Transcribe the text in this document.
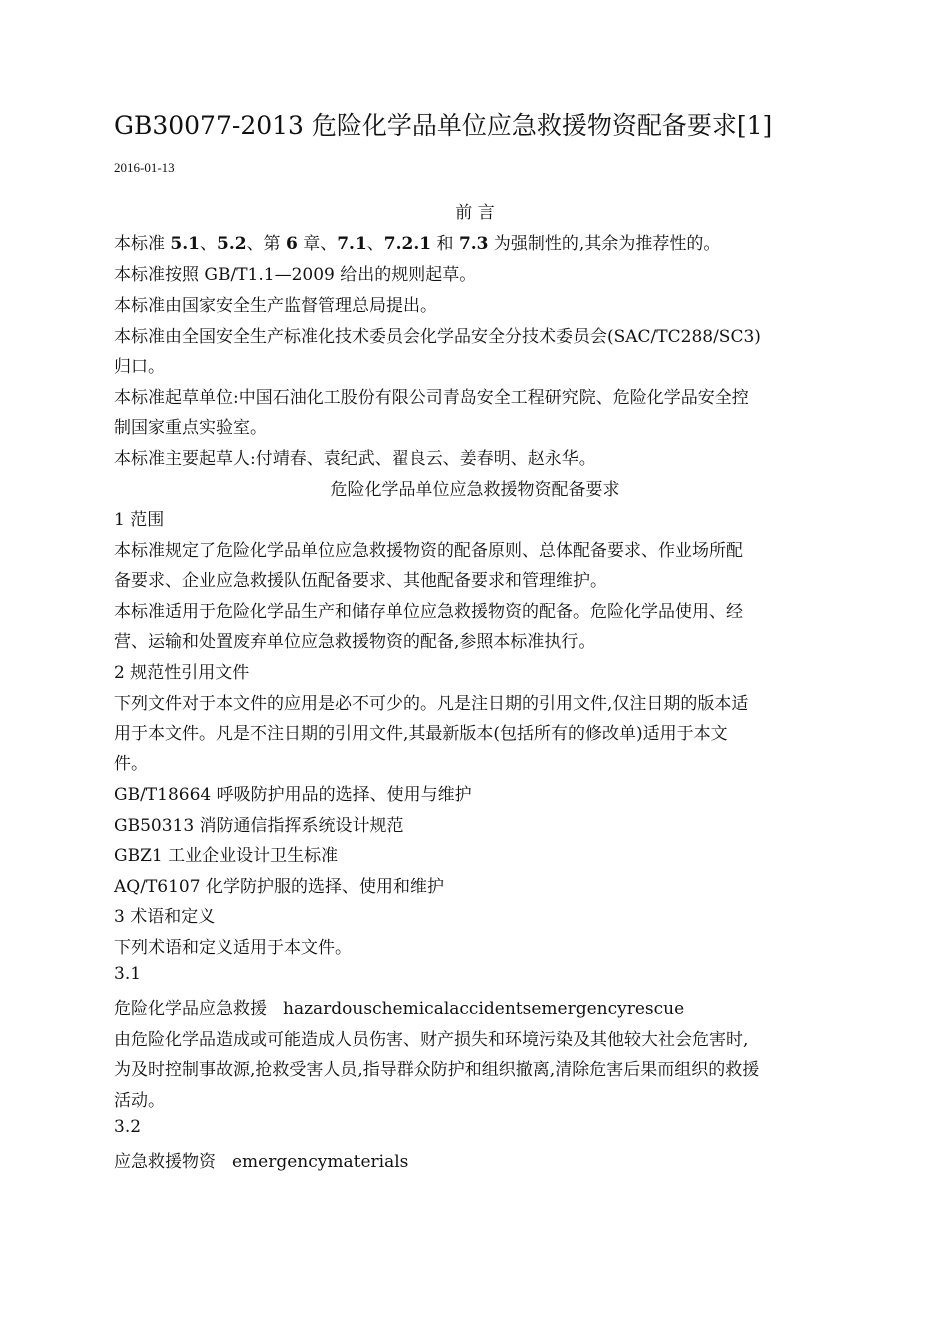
GB30077-2013 危险化学品单位应急救援物资配备要求[1]
2016-01-13
前 言
本标准 5.1、5.2、第 6 章、7.1、7.2.1 和 7.3 为强制性的,其余为推荐性的。
本标准按照 GB/T1.1—2009 给出的规则起草。
本标准由国家安全生产监督管理总局提出。
本标准由全国安全生产标准化技术委员会化学品安全分技术委员会(SAC/TC288/SC3)
归口。
本标准起草单位:中国石油化工股份有限公司青岛安全工程研究院、危险化学品安全控
制国家重点实验室。
本标准主要起草人:付靖春、袁纪武、翟良云、姜春明、赵永华。
危险化学品单位应急救援物资配备要求
1 范围
本标准规定了危险化学品单位应急救援物资的配备原则、总体配备要求、作业场所配
备要求、企业应急救援队伍配备要求、其他配备要求和管理维护。
本标准适用于危险化学品生产和储存单位应急救援物资的配备。危险化学品使用、经
营、运输和处置废弃单位应急救援物资的配备,参照本标准执行。
2 规范性引用文件
下列文件对于本文件的应用是必不可少的。凡是注日期的引用文件,仅注日期的版本适
用于本文件。凡是不注日期的引用文件,其最新版本(包括所有的修改单)适用于本文
件。
GB/T18664 呼吸防护用品的选择、使用与维护
GB50313 消防通信指挥系统设计规范
GBZ1 工业企业设计卫生标准
AQ/T6107 化学防护服的选择、使用和维护
3 术语和定义
下列术语和定义适用于本文件。
3.1
危险化学品应急救援 hazardouschemicalaccidentsemergencyrescue
由危险化学品造成或可能造成人员伤害、财产损失和环境污染及其他较大社会危害时,
为及时控制事故源,抢救受害人员,指导群众防护和组织撤离,清除危害后果而组织的救援
活动。
3.2
应急救援物资 emergencymaterials
